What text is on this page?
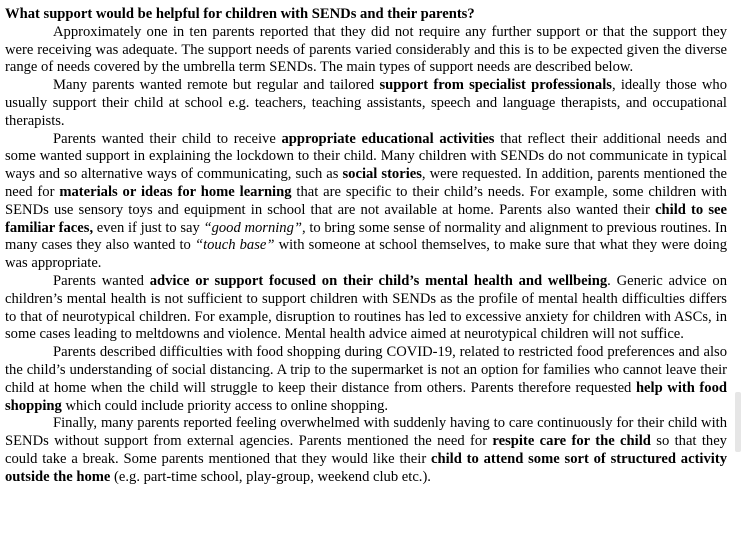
What support would be helpful for children with SENDs and their parents?

Approximately one in ten parents reported that they did not require any further support or that the support they were receiving was adequate. The support needs of parents varied considerably and this is to be expected given the diverse range of needs covered by the umbrella term SENDs. The main types of support needs are described below.

Many parents wanted remote but regular and tailored support from specialist professionals, ideally those who usually support their child at school e.g. teachers, teaching assistants, speech and language therapists, and occupational therapists.

Parents wanted their child to receive appropriate educational activities that reflect their additional needs and some wanted support in explaining the lockdown to their child. Many children with SENDs do not communicate in typical ways and so alternative ways of communicating, such as social stories, were requested. In addition, parents mentioned the need for materials or ideas for home learning that are specific to their child’s needs. For example, some children with SENDs use sensory toys and equipment in school that are not available at home. Parents also wanted their child to see familiar faces, even if just to say “good morning”, to bring some sense of normality and alignment to previous routines. In many cases they also wanted to “touch base” with someone at school themselves, to make sure that what they were doing was appropriate.

Parents wanted advice or support focused on their child’s mental health and wellbeing. Generic advice on children’s mental health is not sufficient to support children with SENDs as the profile of mental health difficulties differs to that of neurotypical children. For example, disruption to routines has led to excessive anxiety for children with ASCs, in some cases leading to meltdowns and violence. Mental health advice aimed at neurotypical children will not suffice.

Parents described difficulties with food shopping during COVID-19, related to restricted food preferences and also the child’s understanding of social distancing. A trip to the supermarket is not an option for families who cannot leave their child at home when the child will struggle to keep their distance from others. Parents therefore requested help with food shopping which could include priority access to online shopping.

Finally, many parents reported feeling overwhelmed with suddenly having to care continuously for their child with SENDs without support from external agencies. Parents mentioned the need for respite care for the child so that they could take a break. Some parents mentioned that they would like their child to attend some sort of structured activity outside the home (e.g. part-time school, play-group, weekend club etc.).
